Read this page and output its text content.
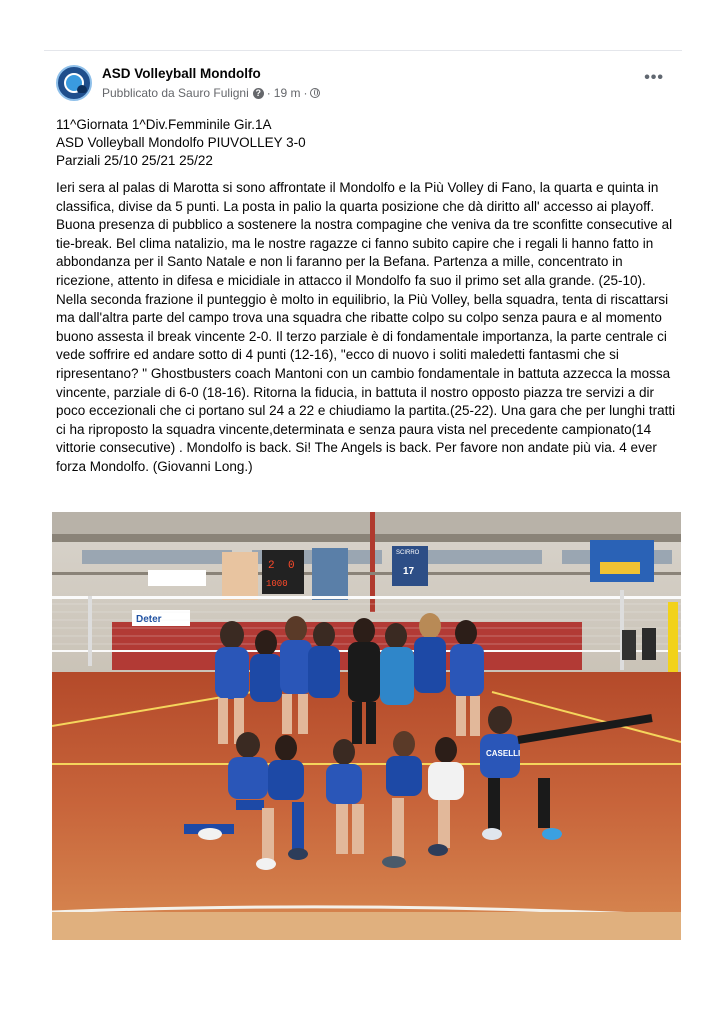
ASD Volleyball Mondolfo
Pubblicato da Sauro Fuligni ? · 19 m ·
•••
11^Giornata 1^Div.Femminile Gir.1A
ASD Volleyball Mondolfo PIUVOLLEY 3-0
Parziali 25/10 25/21 25/22

Ieri sera al palas di Marotta si sono affrontate il Mondolfo e la Più Volley di Fano, la quarta e quinta in classifica, divise da 5 punti. La posta in palio la quarta posizione che dà diritto all' accesso ai playoff. Buona presenza di pubblico a sostenere la nostra compagine che veniva da tre sconfitte consecutive al tie-break. Bel clima natalizio, ma le nostre ragazze ci fanno subito capire che i regali li hanno fatto in abbondanza per il Santo Natale e non li faranno per la Befana. Partenza a mille, concentrato in ricezione, attento in difesa e micidiale in attacco il Mondolfo fa suo il primo set alla grande. (25-10). Nella seconda frazione il punteggio è molto in equilibrio, la Più Volley, bella squadra, tenta di riscattarsi ma dall'altra parte del campo trova una squadra che ribatte colpo su colpo senza paura e al momento buono assesta il break vincente 2-0. Il terzo parziale è di fondamentale importanza, la parte centrale ci vede soffrire ed andare sotto di 4 punti (12-16), "ecco di nuovo i soliti maledetti fantasmi che si ripresentano? " Ghostbusters coach Mantoni con un cambio fondamentale in battuta azzecca la mossa vincente, parziale di 6-0 (18-16). Ritorna la fiducia, in battuta il nostro opposto piazza tre servizi a dir poco eccezionali che ci portano sul 24 a 22 e chiudiamo la partita.(25-22). Una gara che per lunghi tratti ci ha riproposto la squadra vincente,determinata e senza paura vista nel precedente campionato(14 vittorie consecutive) . Mondolfo is back. Si! The Angels is back. Per favore non andate più via. 4 ever forza Mondolfo. (Giovanni Long.)

2 0
1000
SCIRRO
17
Deter
CASELLI
